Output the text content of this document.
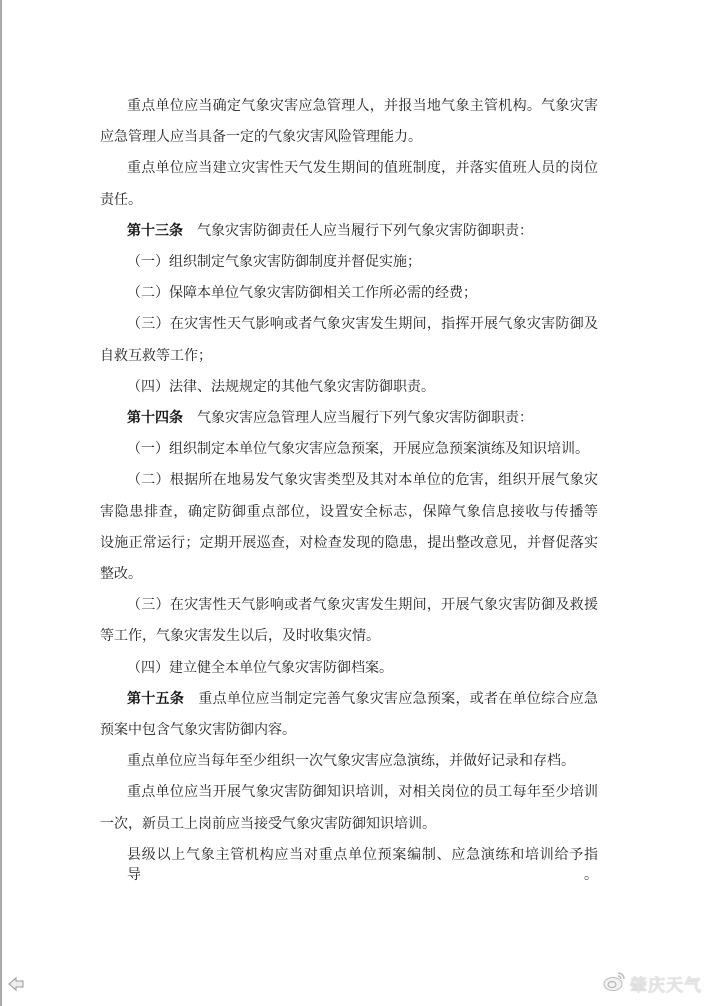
重点单位应当确定气象灾害应急管理人，并报当地气象主管机构。气象灾害
应急管理人应当具备一定的气象灾害风险管理能力。
重点单位应当建立灾害性天气发生期间的值班制度，并落实值班人员的岗位
责任。
第十三条　气象灾害防御责任人应当履行下列气象灾害防御职责：
（一）组织制定气象灾害防御制度并督促实施；
（二）保障本单位气象灾害防御相关工作所必需的经费；
（三）在灾害性天气影响或者气象灾害发生期间，指挥开展气象灾害防御及
自救互救等工作；
（四）法律、法规规定的其他气象灾害防御职责。
第十四条　气象灾害应急管理人应当履行下列气象灾害防御职责：
（一）组织制定本单位气象灾害应急预案，开展应急预案演练及知识培训。
（二）根据所在地易发气象灾害类型及其对本单位的危害，组织开展气象灾
害隐患排查，确定防御重点部位，设置安全标志，保障气象信息接收与传播等
设施正常运行；定期开展巡查，对检查发现的隐患，提出整改意见，并督促落实
整改。
（三）在灾害性天气影响或者气象灾害发生期间，开展气象灾害防御及救援
等工作，气象灾害发生以后，及时收集灾情。
（四）建立健全本单位气象灾害防御档案。
第十五条　重点单位应当制定完善气象灾害应急预案，或者在单位综合应急
预案中包含气象灾害防御内容。
重点单位应当每年至少组织一次气象灾害应急演练，并做好记录和存档。
重点单位应当开展气象灾害防御知识培训，对相关岗位的员工每年至少培训
一次，新员工上岗前应当接受气象灾害防御知识培训。
县级以上气象主管机构应当对重点单位预案编制、应急演练和培训给予指导。
肇庆天气
